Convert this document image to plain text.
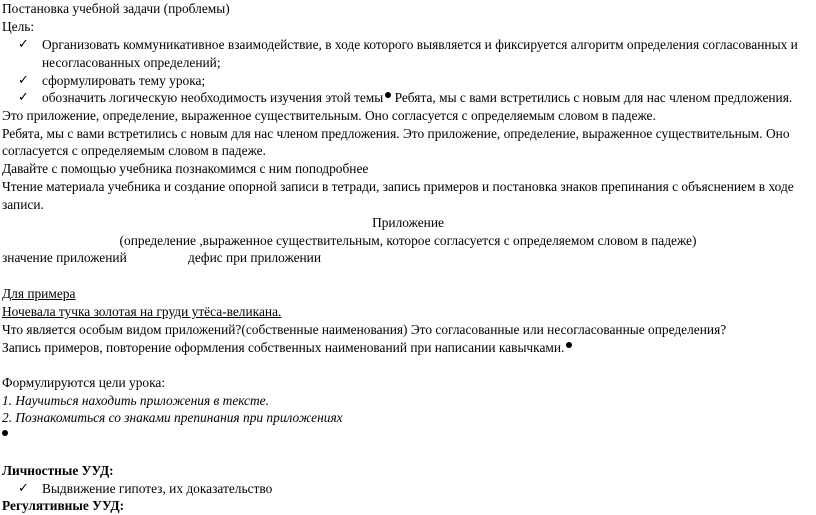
Постановка учебной задачи (проблемы)
Цель:
✓ Организовать коммуникативное взаимодействие, в ходе которого выявляется и фиксируется алгоритм определения согласованных и
несогласованных определений;
✓ сформулировать тему урока;
✓ обозначить логическую необходимость изучения этой темы Ребята, мы с вами встретились с новым для нас членом предложения.
Это приложение, определение, выраженное существительным. Оно согласуется с определяемым словом в падеже.
Ребята, мы с вами встретились с новым для нас членом предложения. Это приложение, определение, выраженное существительным. Оно
согласуется с определяемым словом в падеже.
Давайте с помощью учебника познакомимся с ним поподробнее
Чтение материала учебника и создание опорной записи в тетради, запись примеров и постановка знаков препинания с объяснением в ходе
записи.
Приложение
(определение ,выраженное существительным, которое согласуется с определяемом словом в падеже)
значение приложений	дефис при приложении
Для примера
Ночевала тучка золотая на груди утёса-великана.
Что является особым видом приложений?(собственные наименования) Это согласованные или несогласованные определения?
Запись примеров, повторение оформления собственных наименований при написании кавычками.
Формулируются цели урока:
1. Научиться находить приложения в тексте.
2. Познакомиться со знаками препинания при приложениях
Личностные УУД:
✓ Выдвижение гипотез, их доказательство
Регулятивные УУД:
